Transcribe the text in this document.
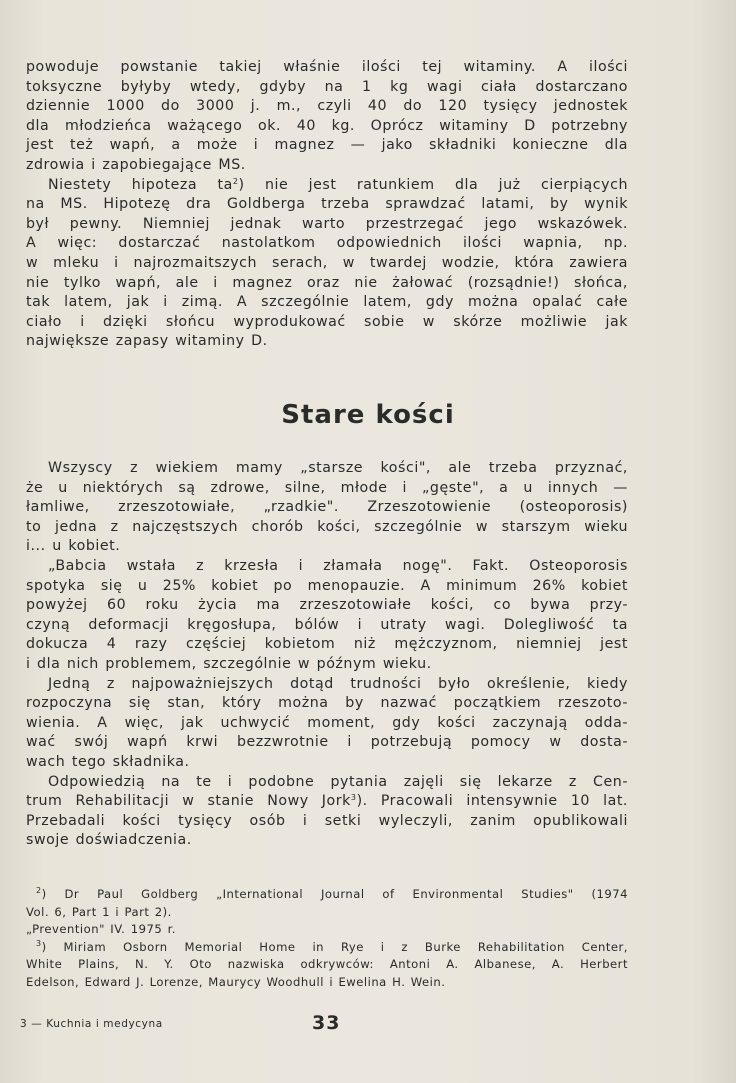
powoduje powstanie takiej właśnie ilości tej witaminy. A ilości

toksyczne byłyby wtedy, gdyby na 1 kg wagi ciała dostarczano

dziennie 1000 do 3000 j. m., czyli 40 do 120 tysięcy jednostek

dla młodzieńca ważącego ok. 40 kg. Oprócz witaminy D potrzebny

jest też wapń, a może i magnez — jako składniki konieczne dla

zdrowia i zapobiegające MS.

Niestety hipoteza $ta^2$) nie jest ratunkiem dla już cierpiących

na MS. Hipotezę dra Goldberga trzeba sprawdzać latami, by wynik

był pewny. Niemniej jednak warto przestrzegać jego wskazówek.

A więc: dostarczać nastolatkom odpowiednich ilości wapnia, np.

w mleku i najrozmaitszych serach, w twardej wodzie, która zawiera

nie tylko wapń, ale i magnez oraz nie żałować (rozsądnie!) słońca,

tak latem, jak i zimą. A szczególnie latem, gdy można opalać całe

ciało i dzięki słońcu wyprodukować sobie w skórze możliwie jak

największe zapasy witaminy D.

Stare kości

Wszyscy z wiekiem mamy „starsze kości", ale trzeba przyznać,

że u niektórych są zdrowe, silne, młode i „gęste", a u innych —

łamliwe, zrzeszotowiałe, „rzadkie". Zrzeszotowienie (osteoporosis)

to jedna z najczęstszych chorób kości, szczególnie w starszym wieku

i... u kobiet.

„Babcia wstała z krzesła i złamała nogę". Fakt. Osteoporosis

spotyka się u 25% kobiet po menopauzie. A minimum 26% kobiet

powyżej 60 roku życia ma zrzeszotowiałe kości, co bywa przy-

czyną deformacji kręgosłupa, bólów i utraty wagi. Dolegliwość ta

dokucza 4 razy częściej kobietom niż mężczyznom, niemniej jest

i dla nich problemem, szczególnie w późnym wieku.

Jedną z najpoważniejszych dotąd trudności było określenie, kiedy

rozpoczyna się stan, który można by nazwać początkiem rzeszoto-

wienia. A więc, jak uchwycić moment, gdy kości zaczynają odda-

wać swój wapń krwi bezzwrotnie i potrzebują pomocy w dosta-

wach tego składnika.

Odpowiedzią na te i podobne pytania zajęli się lekarze z Cen-

trum Rehabilitacji w stanie Nowy Jork$^3$). Pracowali intensywnie 10 lat.

Przebadali kości tysięcy osób i setki wyleczyli, zanim opublikowali

swoje doświadczenia.

$^2$) Dr Paul Goldberg „International Journal of Environmental Studies" (1974

Vol. 6, Part 1 i Part 2).

„Prevention" IV. 1975 r.

$^3$) Miriam Osborn Memorial Home in Rye i z Burke Rehabilitation Center,

White Plains, N. Y. Oto nazwiska odkrywców: Antoni A. Albanese, A. Herbert

Edelson, Edward J. Lorenze, Maurycy Woodhull i Ewelina H. Wein.

3 — Kuchnia i medycyna	33
